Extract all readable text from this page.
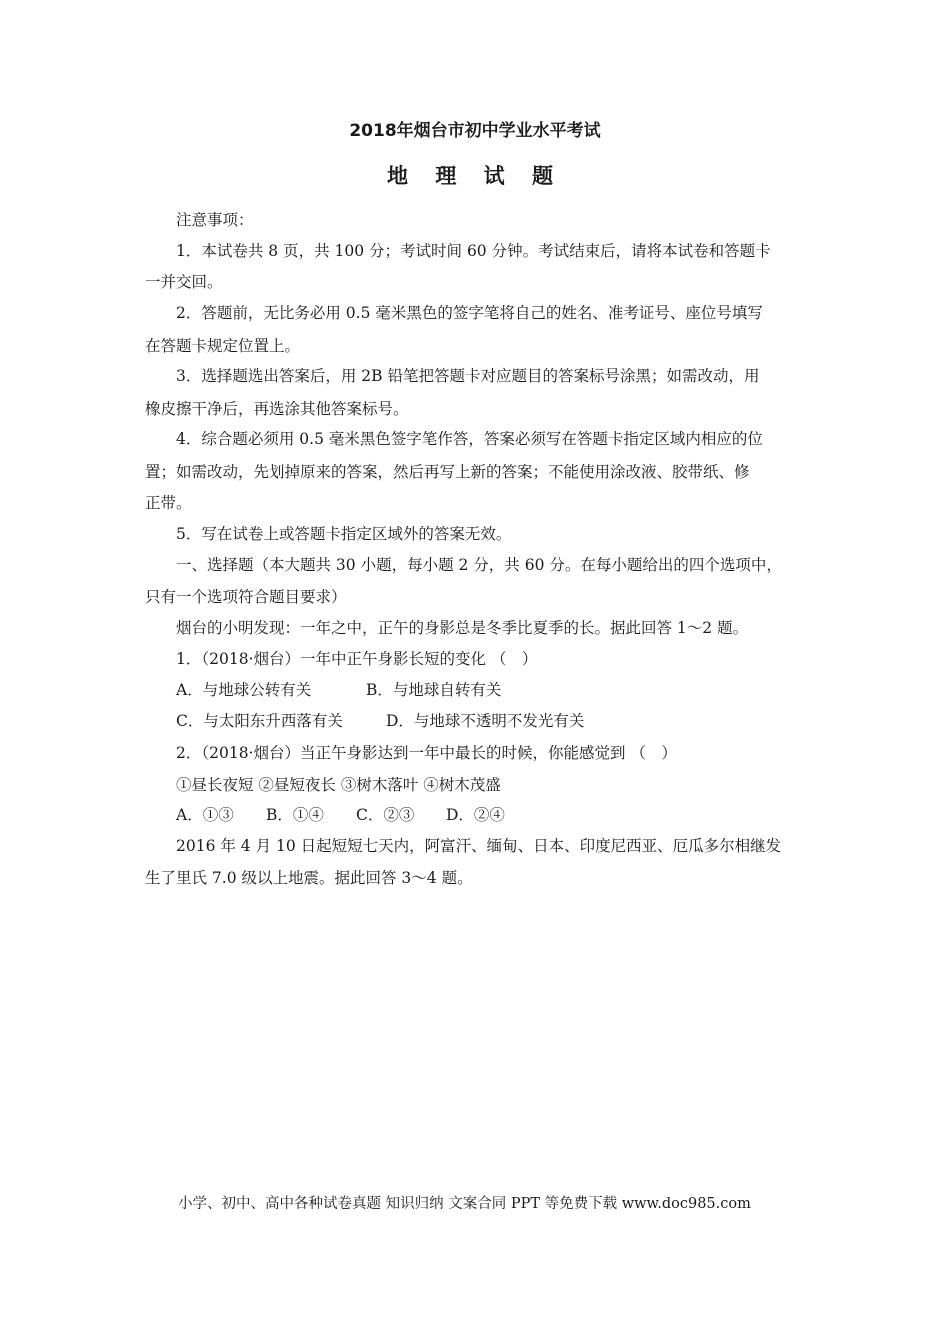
2018年烟台市初中学业水平考试
地 理 试 题
注意事项：
1．本试卷共 8 页，共 100 分；考试时间 60 分钟。考试结束后，请将本试卷和答题卡
一并交回。
2．答题前，无比务必用 0.5 毫米黑色的签字笔将自己的姓名、准考证号、座位号填写
在答题卡规定位置上。
3．选择题选出答案后，用 2B 铅笔把答题卡对应题目的答案标号涂黑；如需改动，用
橡皮擦干净后，再选涂其他答案标号。
4．综合题必须用 0.5 毫米黑色签字笔作答，答案必须写在答题卡指定区域内相应的位
置；如需改动，先划掉原来的答案，然后再写上新的答案；不能使用涂改液、胶带纸、修
正带。
5．写在试卷上或答题卡指定区域外的答案无效。
一、选择题（本大题共 30 小题，每小题 2 分，共 60 分。在每小题给出的四个选项中，
只有一个选项符合题目要求）
烟台的小明发现：一年之中，正午的身影总是冬季比夏季的长。据此回答 1～2 题。
1．（2018·烟台）一年中正午身影长短的变化 （　）
A．与地球公转有关	B．与地球自转有关
C．与太阳东升西落有关	D．与地球不透明不发光有关
2．（2018·烟台）当正午身影达到一年中最长的时候，你能感觉到 （　）
①昼长夜短 ②昼短夜长 ③树木落叶 ④树木茂盛
A．①③ B．①④ C．②③ D．②④
2016 年 4 月 10 日起短短七天内，阿富汗、缅甸、日本、印度尼西亚、厄瓜多尔相继发
生了里氏 7.0 级以上地震。据此回答 3～4 题。
小学、初中、高中各种试卷真题 知识归纳 文案合同 PPT 等免费下载 www.doc985.com
